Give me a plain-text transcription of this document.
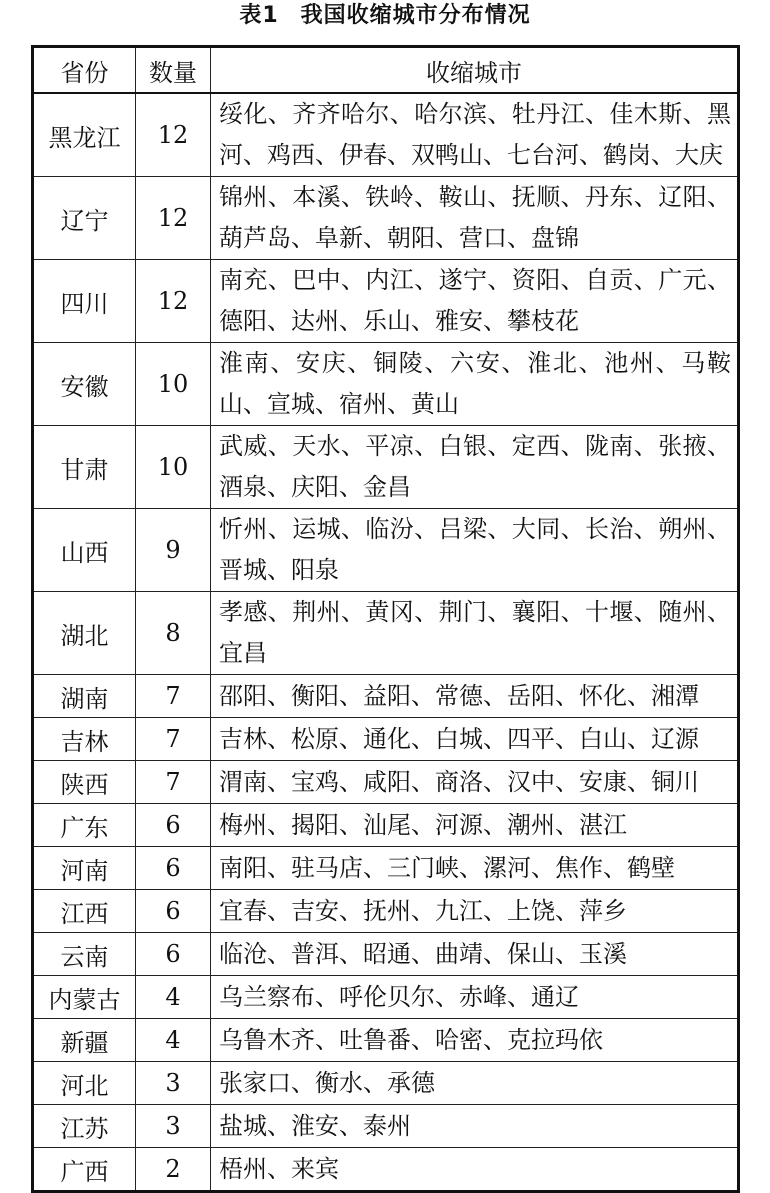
表1 我国收缩城市分布情况
省份	数量	收缩城市
黑龙江	12	绥化、齐齐哈尔、哈尔滨、牡丹江、佳木斯、黑河、鸡西、伊春、双鸭山、七台河、鹤岗、大庆
辽宁	12	锦州、本溪、铁岭、鞍山、抚顺、丹东、辽阳、葫芦岛、阜新、朝阳、营口、盘锦
四川	12	南充、巴中、内江、遂宁、资阳、自贡、广元、德阳、达州、乐山、雅安、攀枝花
安徽	10	淮南、安庆、铜陵、六安、淮北、池州、马鞍山、宣城、宿州、黄山
甘肃	10	武威、天水、平凉、白银、定西、陇南、张掖、酒泉、庆阳、金昌
山西	9	忻州、运城、临汾、吕梁、大同、长治、朔州、晋城、阳泉
湖北	8	孝感、荆州、黄冈、荆门、襄阳、十堰、随州、宜昌
湖南	7	邵阳、衡阳、益阳、常德、岳阳、怀化、湘潭
吉林	7	吉林、松原、通化、白城、四平、白山、辽源
陕西	7	渭南、宝鸡、咸阳、商洛、汉中、安康、铜川
广东	6	梅州、揭阳、汕尾、河源、潮州、湛江
河南	6	南阳、驻马店、三门峡、漯河、焦作、鹤壁
江西	6	宜春、吉安、抚州、九江、上饶、萍乡
云南	6	临沧、普洱、昭通、曲靖、保山、玉溪
内蒙古	4	乌兰察布、呼伦贝尔、赤峰、通辽
新疆	4	乌鲁木齐、吐鲁番、哈密、克拉玛依
河北	3	张家口、衡水、承德
江苏	3	盐城、淮安、泰州
广西	2	梧州、来宾
